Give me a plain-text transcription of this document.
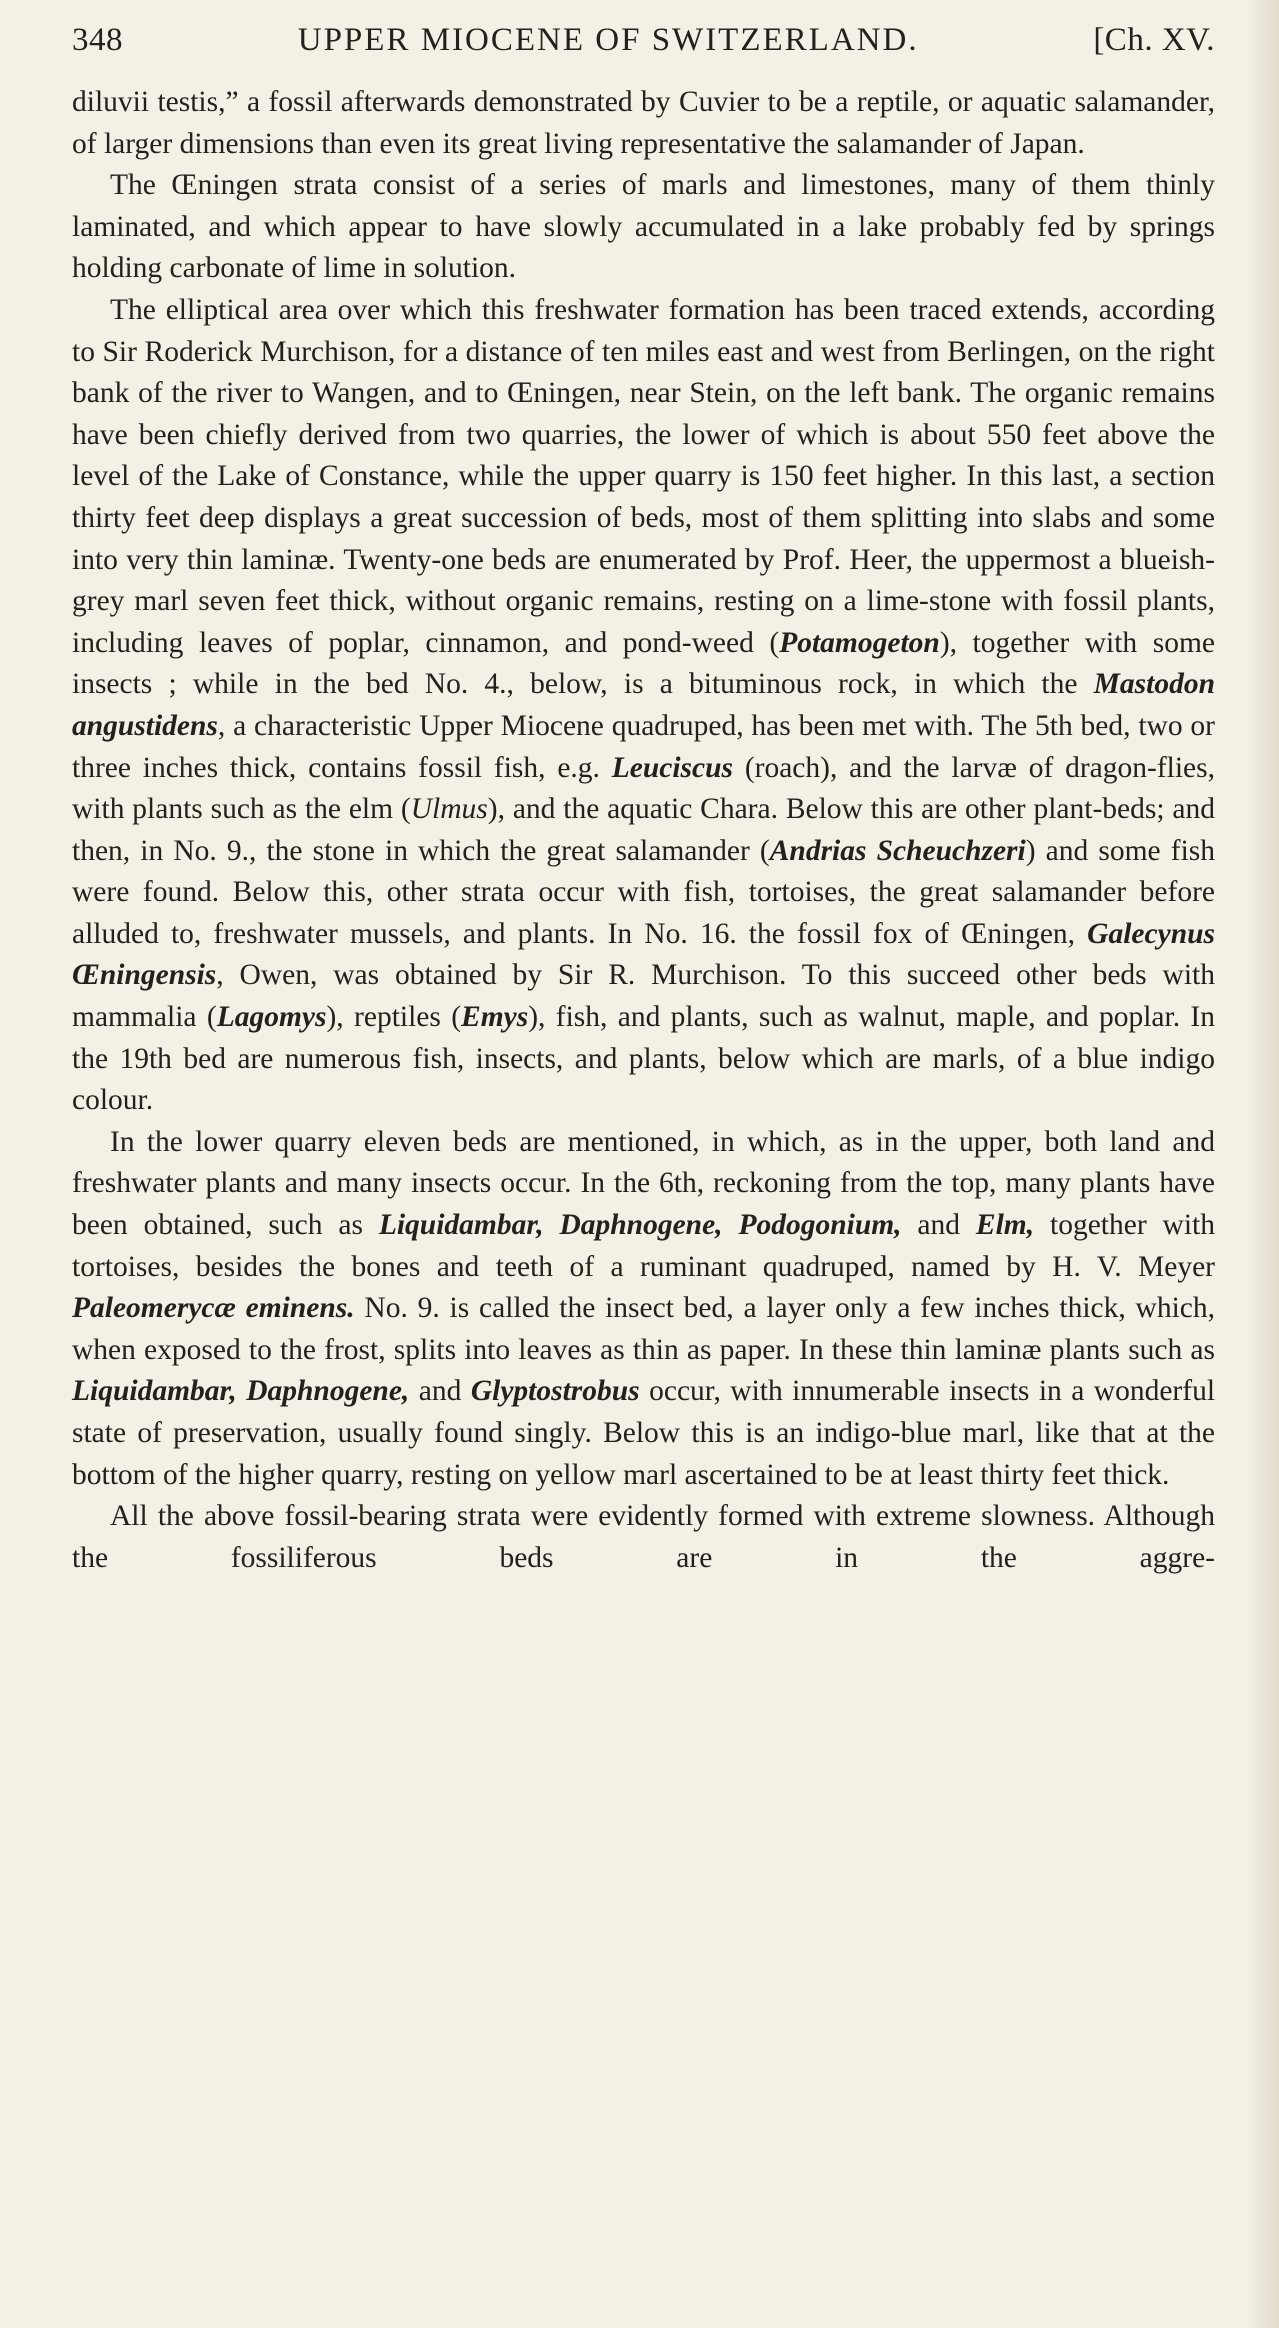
348	UPPER MIOCENE OF SWITZERLAND.	[Ch. XV.

diluvii testis,” a fossil afterwards demonstrated by Cuvier to be a reptile, or aquatic salamander, of larger dimensions than even its great living representative the salamander of Japan.

The Œningen strata consist of a series of marls and limestones, many of them thinly laminated, and which appear to have slowly accumulated in a lake probably fed by springs holding carbonate of lime in solution.

The elliptical area over which this freshwater formation has been traced extends, according to Sir Roderick Murchison, for a distance of ten miles east and west from Berlingen, on the right bank of the river to Wangen, and to Œningen, near Stein, on the left bank. The organic remains have been chiefly derived from two quarries, the lower of which is about 550 feet above the level of the Lake of Constance, while the upper quarry is 150 feet higher. In this last, a section thirty feet deep displays a great succession of beds, most of them splitting into slabs and some into very thin laminæ. Twenty-one beds are enumerated by Prof. Heer, the uppermost a blueish-grey marl seven feet thick, without organic remains, resting on a lime-stone with fossil plants, including leaves of poplar, cinnamon, and pond-weed (Potamogeton), together with some insects ; while in the bed No. 4., below, is a bituminous rock, in which the Mastodon angustidens, a characteristic Upper Miocene quadruped, has been met with. The 5th bed, two or three inches thick, contains fossil fish, e.g. Leuciscus (roach), and the larvæ of dragon-flies, with plants such as the elm (Ulmus), and the aquatic Chara. Below this are other plant-beds; and then, in No. 9., the stone in which the great salamander (Andrias Scheuchzeri) and some fish were found. Below this, other strata occur with fish, tortoises, the great salamander before alluded to, freshwater mussels, and plants. In No. 16. the fossil fox of Œningen, Galecynus Œningensis, Owen, was obtained by Sir R. Murchison. To this succeed other beds with mammalia (Lagomys), reptiles (Emys), fish, and plants, such as walnut, maple, and poplar. In the 19th bed are numerous fish, insects, and plants, below which are marls, of a blue indigo colour.

In the lower quarry eleven beds are mentioned, in which, as in the upper, both land and freshwater plants and many insects occur. In the 6th, reckoning from the top, many plants have been obtained, such as Liquidambar, Daphnogene, Podogonium, and Elm, together with tortoises, besides the bones and teeth of a ruminant quadruped, named by H. V. Meyer Paleomerycæ eminens. No. 9. is called the insect bed, a layer only a few inches thick, which, when exposed to the frost, splits into leaves as thin as paper. In these thin laminæ plants such as Liquidambar, Daphnogene, and Glyptostrobus occur, with innumerable insects in a wonderful state of preservation, usually found singly. Below this is an indigo-blue marl, like that at the bottom of the higher quarry, resting on yellow marl ascertained to be at least thirty feet thick.

All the above fossil-bearing strata were evidently formed with extreme slowness. Although the fossiliferous beds are in the aggre-
